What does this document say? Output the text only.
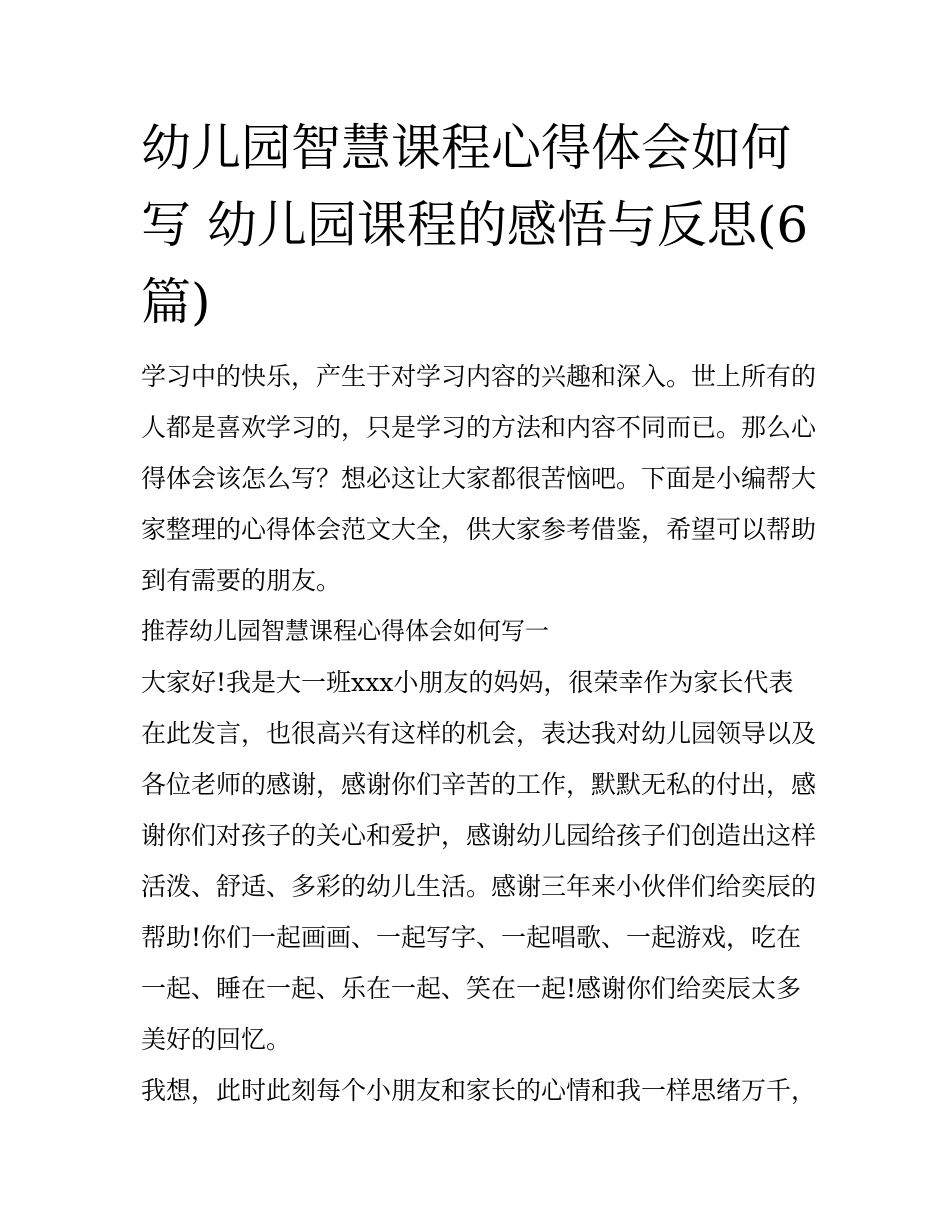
幼儿园智慧课程心得体会如何写 幼儿园课程的感悟与反思(6篇)

学习中的快乐，产生于对学习内容的兴趣和深入。世上所有的人都是喜欢学习的，只是学习的方法和内容不同而已。那么心得体会该怎么写？想必这让大家都很苦恼吧。下面是小编帮大家整理的心得体会范文大全，供大家参考借鉴，希望可以帮助到有需要的朋友。

推荐幼儿园智慧课程心得体会如何写一

大家好!我是大一班xxx小朋友的妈妈，很荣幸作为家长代表在此发言，也很高兴有这样的机会，表达我对幼儿园领导以及各位老师的感谢，感谢你们辛苦的工作，默默无私的付出，感谢你们对孩子的关心和爱护，感谢幼儿园给孩子们创造出这样活泼、舒适、多彩的幼儿生活。感谢三年来小伙伴们给奕辰的帮助!你们一起画画、一起写字、一起唱歌、一起游戏，吃在一起、睡在一起、乐在一起、笑在一起!感谢你们给奕辰太多美好的回忆。

我想，此时此刻每个小朋友和家长的心情和我一样思绪万千，
